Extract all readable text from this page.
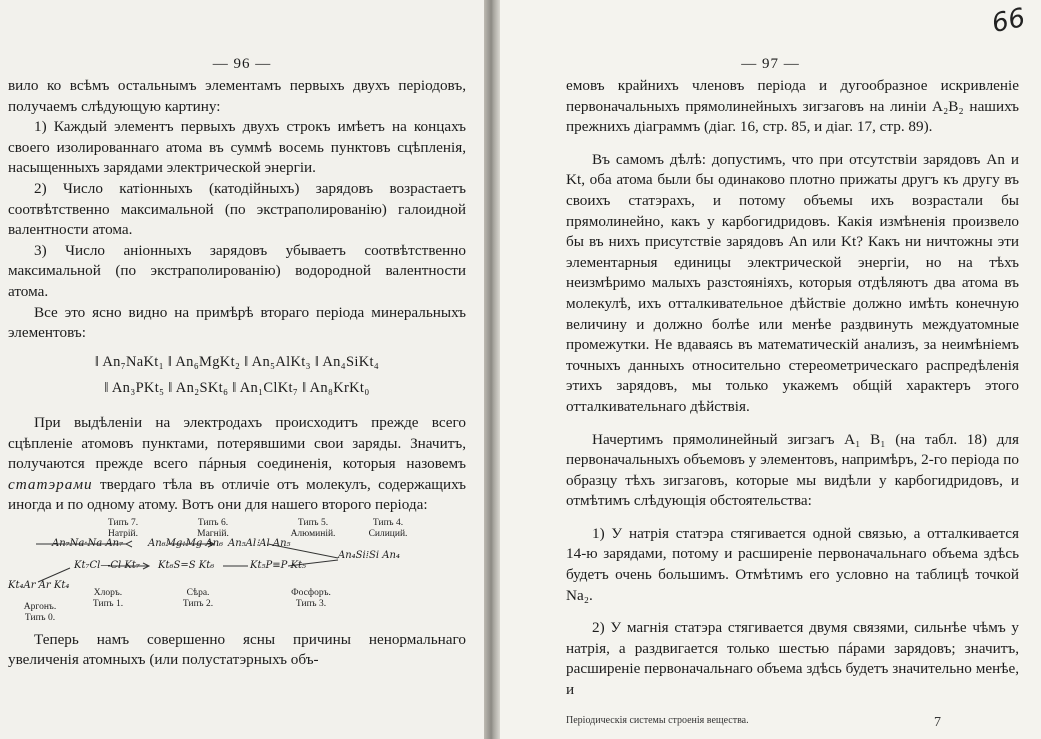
— 96 —

вило ко всѣмъ остальнымъ элементамъ первыхъ двухъ періодовъ, получаемъ слѣдующую картину:

1) Каждый элементъ первыхъ двухъ строкъ имѣетъ на концахъ своего изолированнаго атома въ суммѣ восемь пунктовъ сцѣпленія, насыщенныхъ зарядами электрической энергіи.

2) Число катіонныхъ (катодійныхъ) зарядовъ возрастаетъ соотвѣтственно максимальной (по экстраполированію) галоидной валентности атома.

3) Число аніонныхъ зарядовъ убываетъ соотвѣтственно максимальной (по экстраполированію) водородной валентности атома.

Все это ясно видно на примѣрѣ втораго періода минеральныхъ элементовъ:

‖ An₇NaKt₁ ‖ An₆MgKt₂ ‖ An₅AlKt₃ ‖ An₄SiKt₄
‖ An₃PKt₅ ‖ An₂SKt₆ ‖ An₁ClKt₇ ‖ An₈KrKt₀

При выдѣленіи на электродахъ происходитъ прежде всего сцѣпленіе атомовъ пунктами, потерявшими свои заряды. Значитъ, получаются прежде всего пáрныя соединенія, которыя назовемъ статэрами твердаго тѣла въ отличіе отъ молекулъ, содержащихъ иногда и по одному атому. Вотъ они для нашего второго періода:

Типъ 7.
Натрій.
Типъ 6.
Магній.
Типъ 5.
Алюминій.
Типъ 4.
Силиций.
An₇Na·Na An₇ An₆Mg:Mg An₆ An₅Al⁝Al An₅
An₄Si⁞Si An₄
Kt₇Cl—Cl Kt₇ Kt₆S=S Kt₆	Kt₅P≡P Kt₅
Kt₄Ar Ar Kt₄
Хлоръ.
Типъ 1.
Сѣра.
Типъ 2.
Фосфоръ.
Типъ 3.
Аргонъ.
Типъ 0.

Теперь намъ совершенно ясны причины ненормальнаго увеличенія атомныхъ (или полустатэрныхъ объ-

66
— 97 —

емовъ крайнихъ членовъ періода и дугообразное искривленіе первоначальныхъ прямолинейныхъ зигзаговъ на линіи A₂B₂ нашихъ прежнихъ діаграммъ (діаг. 16, стр. 85, и діаг. 17, стр. 89).

Въ самомъ дѣлѣ: допустимъ, что при отсутствіи зарядовъ An и Kt, оба атома были бы одинаково плотно прижаты другъ къ другу въ своихъ статэрахъ, и потому объемы ихъ возрастали бы прямолинейно, какъ у карбогидридовъ. Какія измѣненія произвело бы въ нихъ присутствіе зарядовъ An или Kt? Какъ ни ничтожны эти элементарныя единицы электрической энергіи, но на тѣхъ неизмѣримо малыхъ разстояніяхъ, которыя отдѣляютъ два атома въ молекулѣ, ихъ отталкивательное дѣйствіе должно имѣть конечную величину и должно болѣе или менѣе раздвинуть междуатомные промежутки. Не вдаваясь въ математическій анализъ, за неимѣніемъ точныхъ данныхъ относительно стереометрическаго распредѣленія этихъ зарядовъ, мы только укажемъ общій характеръ этого отталкивательнаго дѣйствія.

Начертимъ прямолинейный зигзагъ A₁ B₁ (на табл. 18) для первоначальныхъ объемовъ у элементовъ, напримѣръ, 2-го періода по образцу тѣхъ зигзаговъ, которые мы видѣли у карбогидридовъ, и отмѣтимъ слѣдующія обстоятельства:

1) У натрія статэра стягивается одной связью, а отталкивается 14-ю зарядами, потому и расширеніе первоначальнаго объема здѣсь будетъ очень большимъ. Отмѣтимъ его условно на таблицѣ точкой Na₂.

2) У магнія статэра стягивается двумя связями, сильнѣе чѣмъ у натрія, а раздвигается только шестью пáрами зарядовъ; значитъ, расширеніе первоначальнаго объема здѣсь будетъ значительно менѣе, и

Періодическія системы строенія вещества.	7
